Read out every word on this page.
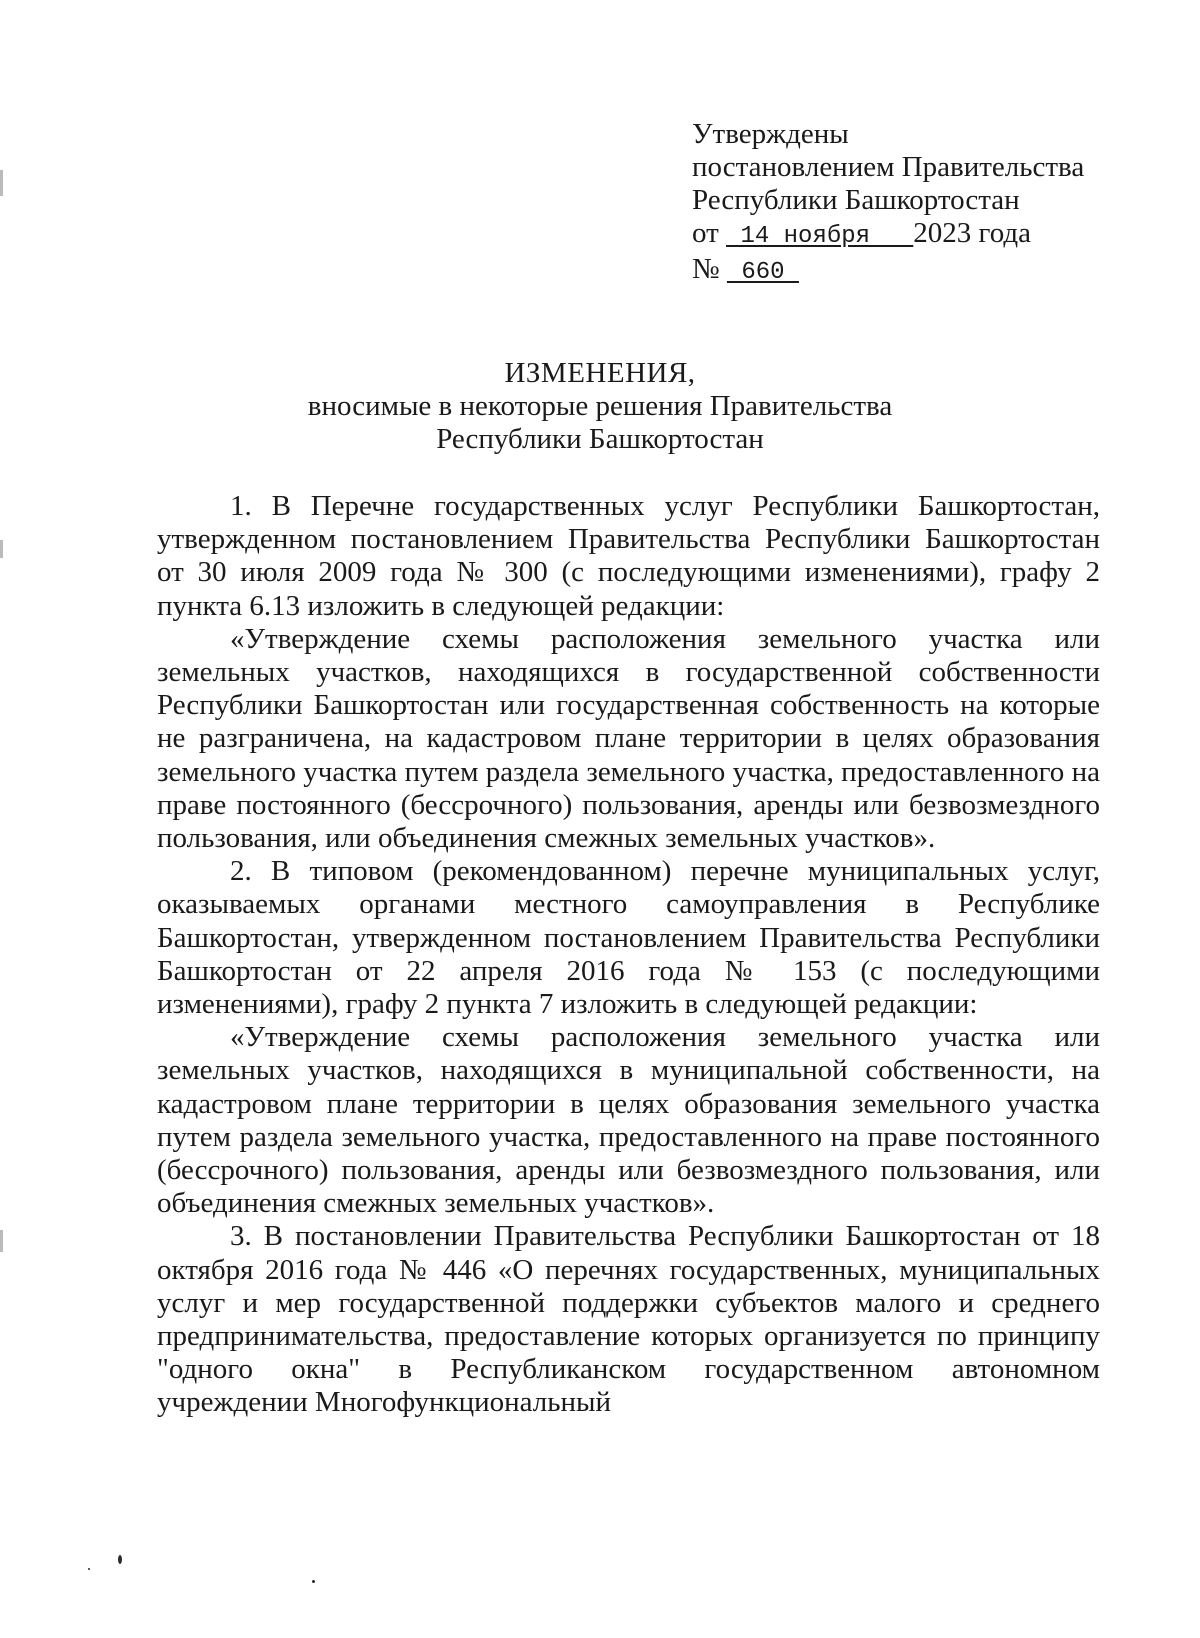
Утверждены
постановлением Правительства
Республики Башкортостан
от  14 ноября   2023 года
№  660
ИЗМЕНЕНИЯ,
вносимые в некоторые решения Правительства
Республики Башкортостан

1. В Перечне государственных услуг Республики Башкортостан, утвержденном постановлением Правительства Республики Башкортостан от 30 июля 2009 года № 300 (с последующими изменениями), графу 2 пункта 6.13 изложить в следующей редакции:

«Утверждение схемы расположения земельного участка или земельных участков, находящихся в государственной собственности Республики Башкортостан или государственная собственность на которые не разграничена, на кадастровом плане территории в целях образования земельного участка путем раздела земельного участка, предоставленного на праве постоянного (бессрочного) пользования, аренды или безвозмездного пользования, или объединения смежных земельных участков».

2. В типовом (рекомендованном) перечне муниципальных услуг, оказываемых органами местного самоуправления в Республике Башкортостан, утвержденном постановлением Правительства Республики Башкортостан от 22 апреля 2016 года № 153 (с последующими изменениями), графу 2 пункта 7 изложить в следующей редакции:

«Утверждение схемы расположения земельного участка или земельных участков, находящихся в муниципальной собственности, на кадастровом плане территории в целях образования земельного участка путем раздела земельного участка, предоставленного на праве постоянного (бессрочного) пользования, аренды или безвозмездного пользования, или объединения смежных земельных участков».

3. В постановлении Правительства Республики Башкортостан от 18 октября 2016 года № 446 «О перечнях государственных, муниципальных услуг и мер государственной поддержки субъектов малого и среднего предпринимательства, предоставление которых организуется по принципу "одного окна" в Республиканском государственном автономном учреждении Многофункциональный
